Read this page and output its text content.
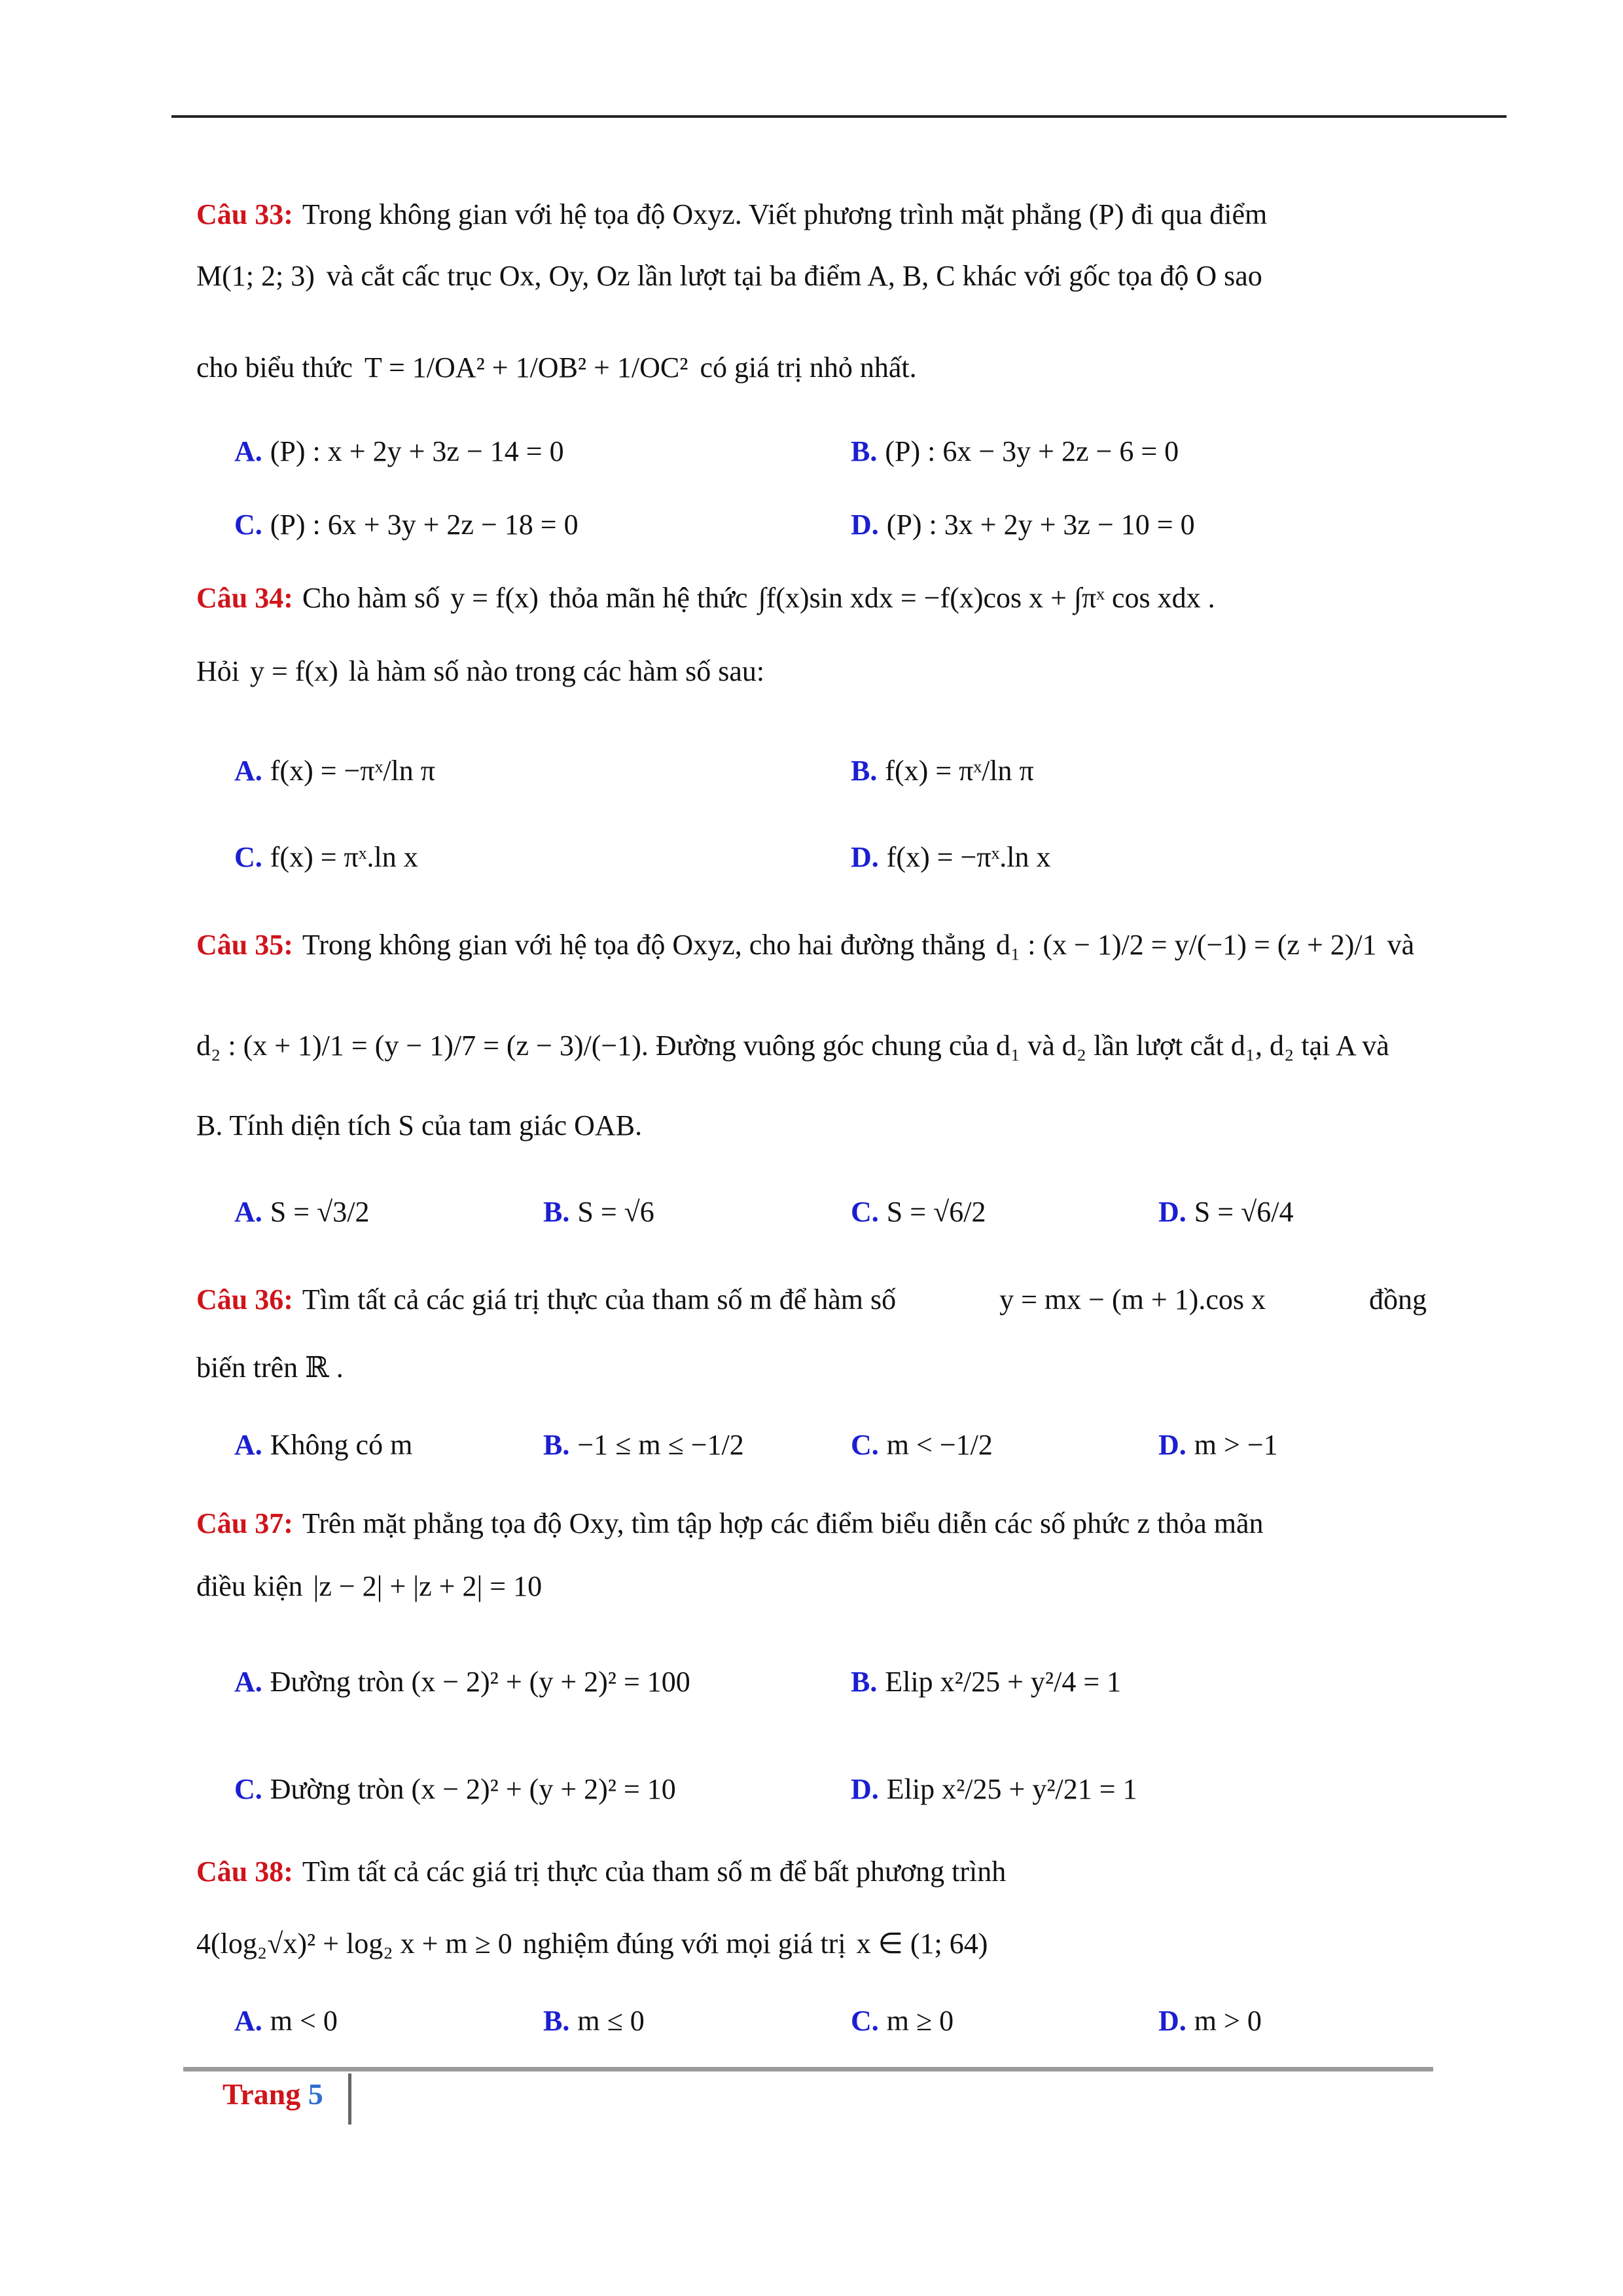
Câu 33: Trong không gian với hệ tọa độ Oxyz. Viết phương trình mặt phẳng (P) đi qua điểm
M(1; 2; 3) và cắt cấc trục Ox, Oy, Oz lần lượt tại ba điểm A, B, C khác với gốc tọa độ O sao
cho biểu thức T = 1/OA² + 1/OB² + 1/OC² có giá trị nhỏ nhất.
A. (P) : x + 2y + 3z − 14 = 0	B. (P) : 6x − 3y + 2z − 6 = 0
C. (P) : 6x + 3y + 2z − 18 = 0	D. (P) : 3x + 2y + 3z − 10 = 0
Câu 34: Cho hàm số y = f(x) thỏa mãn hệ thức ∫f(x)sin xdx = −f(x)cos x + ∫πˣ cos xdx .
Hỏi y = f(x) là hàm số nào trong các hàm số sau:
A. f(x) = −πˣ/ln π	B. f(x) = πˣ/ln π
C. f(x) = πˣ.ln x	D. f(x) = −πˣ.ln x
Câu 35: Trong không gian với hệ tọa độ Oxyz, cho hai đường thẳng d₁ : (x − 1)/2 = y/(−1) = (z + 2)/1 và
d₂ : (x + 1)/1 = (y − 1)/7 = (z − 3)/(−1) . Đường vuông góc chung của d₁ và d₂ lần lượt cắt d₁, d₂ tại A và
B. Tính diện tích S của tam giác OAB.
A. S = √3/2	B. S = √6	C. S = √6/2	D. S = √6/4
Câu 36: Tìm tất cả các giá trị thực của tham số m để hàm số	y = mx − (m + 1).cos x	đồng
biến trên ℝ .
A. Không có m	B. −1 ≤ m ≤ −1/2	C. m < −1/2	D. m > −1
Câu 37: Trên mặt phẳng tọa độ Oxy, tìm tập hợp các điểm biểu diễn các số phức z thỏa mãn
điều kiện |z − 2| + |z + 2| = 10
A. Đường tròn (x − 2)² + (y + 2)² = 100	B. Elip x²/25 + y²/4 = 1
C. Đường tròn (x − 2)² + (y + 2)² = 10	D. Elip x²/25 + y²/21 = 1
Câu 38: Tìm tất cả các giá trị thực của tham số m để bất phương trình
4(log₂√x)² + log₂ x + m ≥ 0 nghiệm đúng với mọi giá trị x ∈ (1; 64)
A. m < 0	B. m ≤ 0	C. m ≥ 0	D. m > 0
Trang 5
